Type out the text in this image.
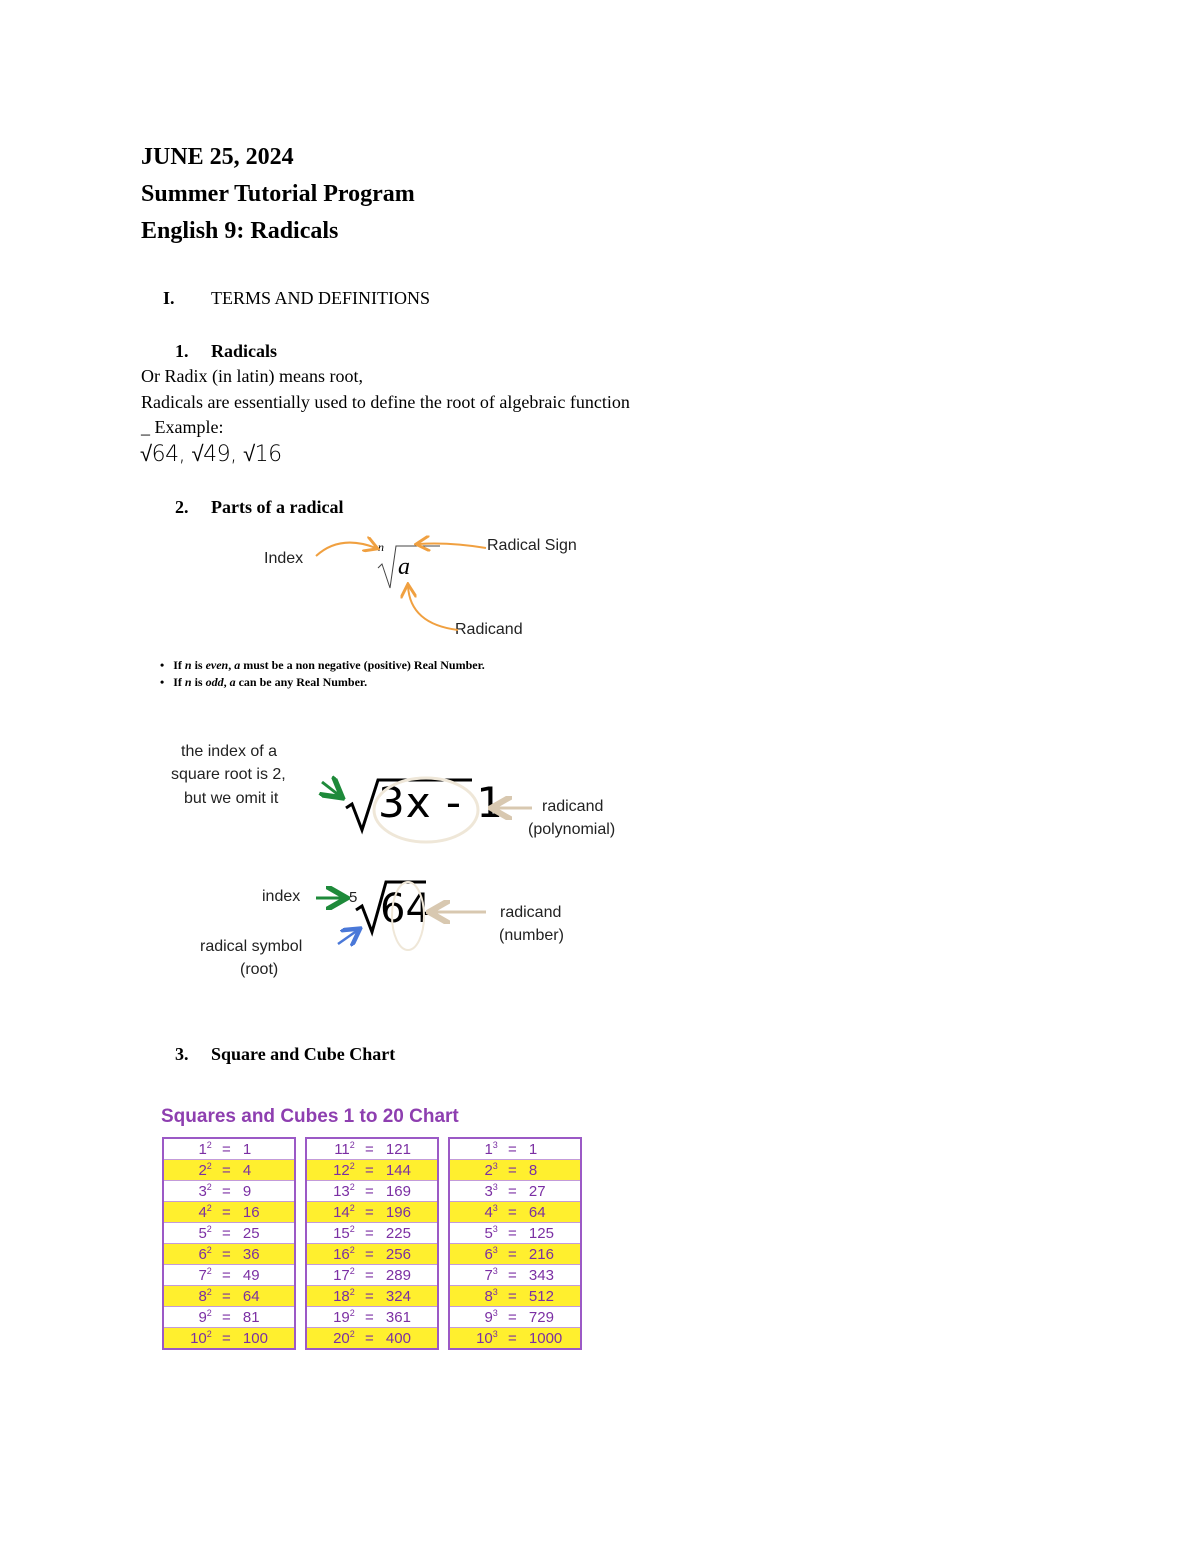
JUNE 25, 2024
Summer Tutorial Program
English 9: Radicals
I. TERMS AND DEFINITIONS
1. Radicals
Or Radix (in latin) means root,
Radicals are essentially used to define the root of algebraic function
_ Example:
√64, √49, √16
2. Parts of a radical
Index
Radical Sign
Radicand
n
a
•   If n is even, a must be a non negative (positive) Real Number.
•   If n is odd, a can be any Real Number.
the index of a
square root is 2,
but we omit it	radicand
(polynomial)
3x - 1
index	5 64
radical symbol
(root)
radicand
(number)
3. Square and Cube Chart
Squares and Cubes 1 to 20 Chart
$1^2$	=	1
$2^2$	=	4
$3^2$	=	9
$4^2$	=	16
$5^2$	=	25
$6^2$	=	36
$7^2$	=	49
$8^2$	=	64
$9^2$	=	81
$10^2$	=	100
$11^2$	=	121
$12^2$	=	144
$13^2$	=	169
$14^2$	=	196
$15^2$	=	225
$16^2$	=	256
$17^2$	=	289
$18^2$	=	324
$19^2$	=	361
$20^2$	=	400
$1^3$	=	1
$2^3$	=	8
$3^3$	=	27
$4^3$	=	64
$5^3$	=	125
$6^3$	=	216
$7^3$	=	343
$8^3$	=	512
$9^3$	=	729
$10^3$	=	1000
